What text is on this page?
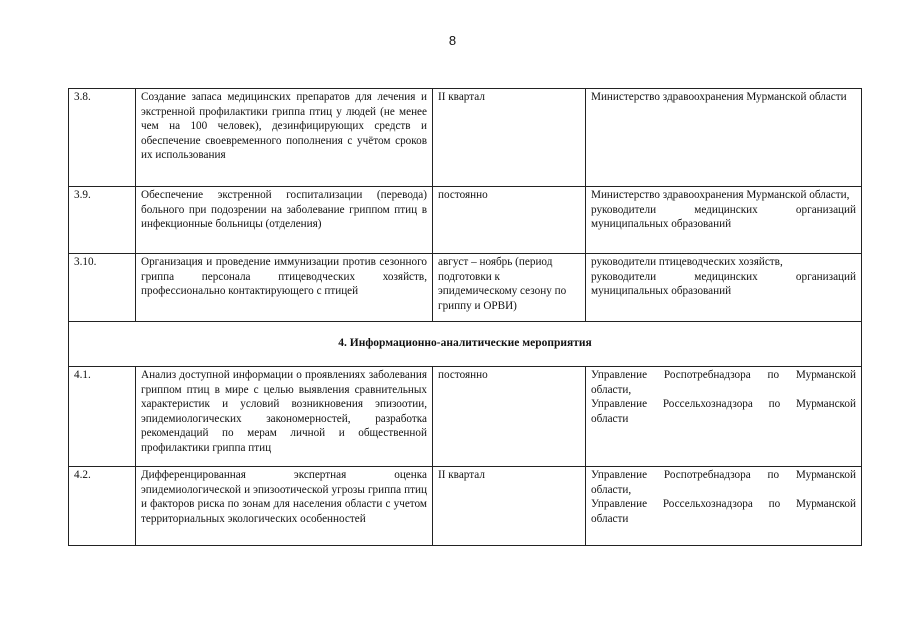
8
3.8.	Создание запаса медицинских препаратов для лечения и экстренной профилактики гриппа птиц у людей (не менее чем на 100 человек), дезинфицирующих средств и обеспечение своевременного пополнения с учётом сроков их использования	II квартал	Министерство здравоохранения Мурманской области
3.9.	Обеспечение экстренной госпитализации (перевода) больного при подозрении на заболевание гриппом птиц в инфекционные больницы (отделения)	постоянно	Министерство здравоохранения Мурманской области,
руководители медицинских организаций муниципальных образований
3.10.	Организация и проведение иммунизации против сезонного гриппа персонала птицеводческих хозяйств, профессионально контактирующего с птицей	август – ноябрь (период подготовки к эпидемическому сезону по гриппу и ОРВИ)	руководители птицеводческих хозяйств,
руководители медицинских организаций муниципальных образований
4. Информационно-аналитические мероприятия			
4.1.	Анализ доступной информации о проявлениях заболевания гриппом птиц в мире с целью выявления сравнительных характеристик и условий возникновения эпизоотии, эпидемиологических закономерностей, разработка рекомендаций по мерам личной и общественной профилактики гриппа птиц	постоянно	Управление Роспотребнадзора по Мурманской области,
Управление Россельхознадзора по Мурманской области
4.2.	Дифференцированная экспертная оценка эпидемиологической и эпизоотической угрозы гриппа птиц и факторов риска по зонам для населения области с учетом территориальных экологических особенностей	II квартал	Управление Роспотребнадзора по Мурманской области,
Управление Россельхознадзора по Мурманской области
